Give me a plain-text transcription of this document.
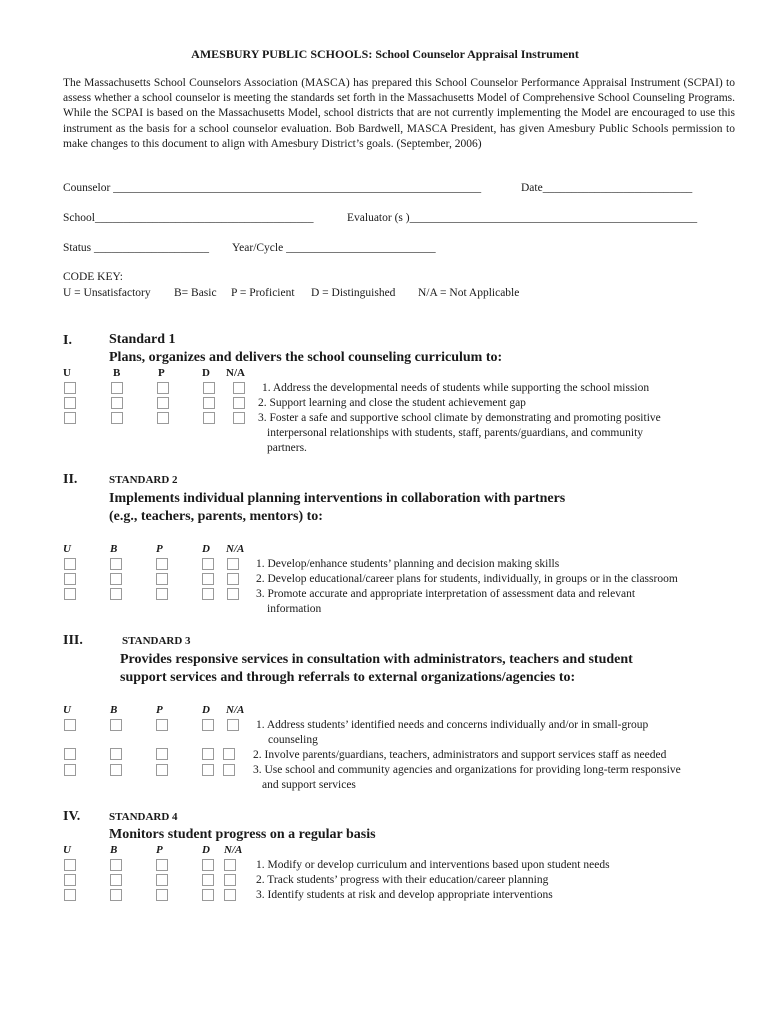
AMESBURY PUBLIC SCHOOLS: School Counselor Appraisal Instrument
The Massachusetts School Counselors Association (MASCA) has prepared this School Counselor Performance Appraisal Instrument (SCPAI) to assess whether a school counselor is meeting the standards set forth in the Massachusetts Model of Comprehensive School Counseling Programs. While the SCPAI is based on the Massachusetts Model, school districts that are not currently implementing the Model are encouraged to use this instrument as the basis for a school counselor evaluation. Bob Bardwell, MASCA President, has given Amesbury Public Schools permission to make changes to this document to align with Amesbury District’s goals. (September, 2006)
Counselor ________________________________________________________________	Date__________________________
School______________________________________	Evaluator (s )__________________________________________________
Status ____________________ Year/Cycle __________________________
CODE KEY:
U = Unsatisfactory B= Basic P = Proficient D = Distinguished N/A = Not Applicable
I.	Standard 1
Plans, organizes and delivers the school counseling curriculum to:
U	B	P	D N/A
1. Address the developmental needs of students while supporting the school mission
2. Support learning and close the student achievement gap
3. Foster a safe and supportive school climate by demonstrating and promoting positive
interpersonal relationships with students, staff, parents/guardians, and community
partners.
II.	STANDARD 2
Implements individual planning interventions in collaboration with partners
(e.g., teachers, parents, mentors) to:
U	B	P	D N/A
1. Develop/enhance students’ planning and decision making skills
2. Develop educational/career plans for students, individually, in groups or in the classroom
3. Promote accurate and appropriate interpretation of assessment data and relevant
information
III.	STANDARD 3
Provides responsive services in consultation with administrators, teachers and student
support services and through referrals to external organizations/agencies to:
U	B	P	D N/A
1. Address students’ identified needs and concerns individually and/or in small-group
counseling
2. Involve parents/guardians, teachers, administrators and support services staff as needed
3. Use school and community agencies and organizations for providing long-term responsive
and support services
IV.	STANDARD 4
Monitors student progress on a regular basis
U	B	P	D N/A
1. Modify or develop curriculum and interventions based upon student needs
2. Track students’ progress with their education/career planning
3. Identify students at risk and develop appropriate interventions
